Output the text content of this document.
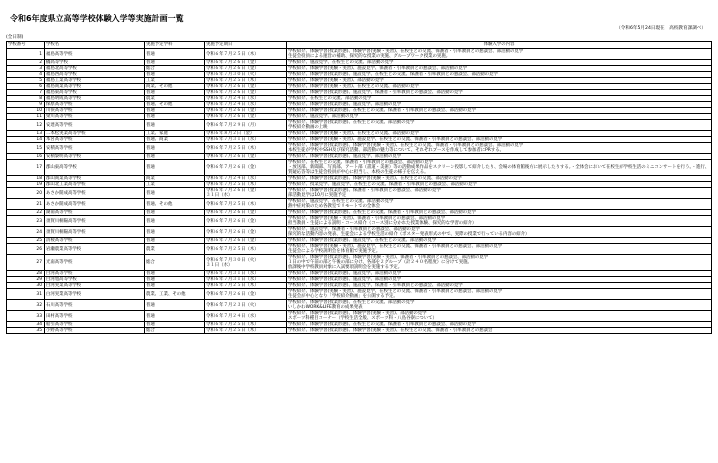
令和6年度県立高等学校体験入学等実施計画一覧
（令和6年5月24日現在　高校教育課調べ）
(全日制)
学校番号	学校名	実施予定学科	実施予定期日	体験入学の内容
1	福島高等学校	普通	令和６年７月２５日（木）	学校紹介、体験学習(授業形態)、体験学習(実験・実習)、在校生との交流、保護者・引率教員との懇談会、部活動の見学
生徒会役員による運営の補助、探究的な授業の実施、グループワーク授業の実施。
2	橘高等学校	普通	令和６年７月２６日（金）	学校紹介、施設見学、在校生との交流、部活動の見学
3	福島北高等学校	総合	令和６年７月２６日（金）	学校紹介、体験学習(実験・実習)、施設見学、保護者・引率教員との懇談会、部活動の見学
4	福島西高等学校	普通	令和６年７月３０日（火）	学校紹介、体験学習(授業形態)、施設見学、在校生との交流、保護者・引率教員との懇談会、部活動の見学
5	福島工業高等学校	工業	令和６年７月２５日（木）	学校紹介、体験学習(実験・実習)、部活動の見学
6	福島商業高等学校	商業、その他	令和６年７月２６日（金）	学校紹介、体験学習(実験・実習)、在校生との交流、部活動の見学
7	福島東高等学校	普通	令和６年７月２６日（金）	学校紹介、体験学習(授業形態)、施設見学、保護者・引率教員との懇談会、部活動の見学
8	福島明成高等学校	農業	令和６年７月２４日（水）	学校紹介、在校生との交流、部活動の見学
9	保原高等学校	普通、その他	令和６年７月２４日（水）	学校紹介、体験学習(授業形態)、施設見学、部活動の見学
10	川俣高等学校	普通	令和６年７月２６日（金）	学校紹介、体験学習(授業形態)、在校生との交流、保護者・引率教員との懇談会、部活動の見学
11	梁川高等学校	普通	令和６年７月２６日（金）	学校紹介、施設見学、部活動の見学
12	安達高等学校	普通	令和６年７月２９日（月）	学校紹介、体験学習(授業形態)、在校生との交流、部活動の見学
学校紹介動画の上映
13	二本松実業高等学校	工業、家庭	令和６年８月２日（金）	学校紹介、体験学習(実験・実習)、在校生との交流、部活動の見学
14	本宮高等学校	普通、商業	令和６年７月３１日（水）	学校紹介、体験学習(実験・実習)、施設見学、在校生との交流、保護者・引率教員との懇談会、部活動の見学
15	安積高等学校	普通	令和６年７月２５日（木）	学校紹介、体験学習(授業形態)、体験学習(実験・実習)、在校生との交流、保護者・引率教員との懇談会、部活動の見学
本校生徒が学校やSSH及び探究活動、部活動の魅力等について、それぞれブースを作成して参加者にPRする。
16	安積黎明高等学校	普通	令和６年７月２６日（金）	学校紹介、体験学習(授業形態)、施設見学、部活動の見学
17	郡山東高等学校	普通	令和６年７月２６日（金）	学校紹介、在校生との交流、保護者・引率教員との懇談会、部活動の見学
・放送部、新聞部、写真部、アート部（書道・美術）等の活動成果作品をスクリーン投影して紹介したり、会場の体育館後方に展示したりする。・全体会において在校生が学校生活のミニコンサートを行う。・進行、質疑応答等は生徒会役員が中心に担当し、本校の生徒の様子を伝える。
18	郡山商業高等学校	商業	令和６年７月２４日（水）	学校紹介、体験学習(授業形態)、体験学習(実験・実習)、在校生との交流、部活動の見学
19	郡山北工業高等学校	工業	令和６年７月２５日（木）	学校紹介、授業見学、施設見学、在校生との交流、保護者・引率教員との懇談会、部活動の見学
20	あさか開成高等学校	普通	令和６年７月２６日（金）
３１日（水）	学校紹介、体験学習(授業形態)、保護者・引率教員との懇談会、部活動の見学
部活動見学は10月に実施予定
21	あさか開成高等学校	普通、その他	令和６年７月２５日（木）	学校紹介、施設見学、在校生との交流、部活動の見学
熱中症対策のため各教室でリモートでの全体会
22	湖南高等学校	普通	令和６年７月２６日（金）	学校紹介、体験学習(授業形態)、在校生との交流、保護者・引率教員との懇談会、部活動の見学
23	須賀川桐陽高等学校	普通	令和６年７月２６日（金）	学校紹介、体験学習(実験・実習)、保護者・引率教員との懇談会、部活動の見学
担当教員・生徒による説明・コース紹介（コース別に分かれた授業体験、探究的な学習の紹介）
24	須賀川桐陽高等学校	普通	令和６年７月２６日（金）	学校紹介、施設見学、保護者・引率教員との懇談会、部活動の見学
探究的な活動内容の発表、生徒会による学校生活の紹介（ポスター発表形式の中で、実際の授業で行っている内容の紹介）
25	清稜高等学校	普通	令和６年７月２６日（金）	学校紹介、体験学習(授業形態)、施設見学、在校生との交流、部活動の見学
26	岩瀬農業高等学校	農業	令和６年７月２５日（木）	学校紹介、体験学習(実験・実習)、施設見学、在校生との交流、保護者・引率教員との懇談会、部活動の見学
生徒会による学校説明会を体育館で実施予定。
27	光南高等学校	総合	令和６年７月３０日（火）
３１日（水）	学校紹介、体験学習(授業形態)、体験学習(実験・実習)、保護者・引率教員との懇談会、部活動の見学
１日の中で午前の部と午後の部に分け、各部を２グループ（計２４０名程度）に分けて実施。
放課後中学校教員対象に入試要項説明会を実施する予定。
28	白河高等学校	普通	令和６年７月３１日（水）	学校紹介、体験学習(授業形態)、施設見学、部活動の見学
29	白河旭高等学校	普通	令和６年７月３１日（水）	学校紹介、体験学習(授業形態)、施設見学、部活動の見学
30	白河実業高等学校	普通	令和６年７月２５日（木）	学校紹介、体験学習(授業形態)、施設見学、保護者・引率教員との懇談会、部活動の見学
31	白河実業高等学校	農業、工業、その他	令和６年７月２６日（金）	学校紹介、体験学習(実験・実習)、施設見学、在校生との交流、保護者・引率教員との懇談会、部活動の見学
生徒会が中心となり「学校紹介動画」を公開する予定。
32	石川高等学校	普通	令和６年７月２３日（火）	学校紹介、体験学習(授業形態)、在校生との交流、部活動の見学
いしかわWORK&LIFE教育の成果発表
33	田村高等学校	普通	令和６年７月２４日（水）	学校紹介、体験学習(授業形態)、体験学習(実験・実習)、部活動の見学
スポーツ科種目コーナー（学校生活全般、スポーツ科・八島谷寮について）
34	船引高等学校	普通	令和６年７月２５日（木）	学校紹介、体験学習(授業形態)、在校生との交流、保護者・引率教員との懇談会、部活動の見学
35	小野高等学校	総合	令和６年７月２５日（木）	学校紹介、体験学習(授業形態)、体験学習(実験・実習)、在校生との交流、保護者・引率教員との懇談会
